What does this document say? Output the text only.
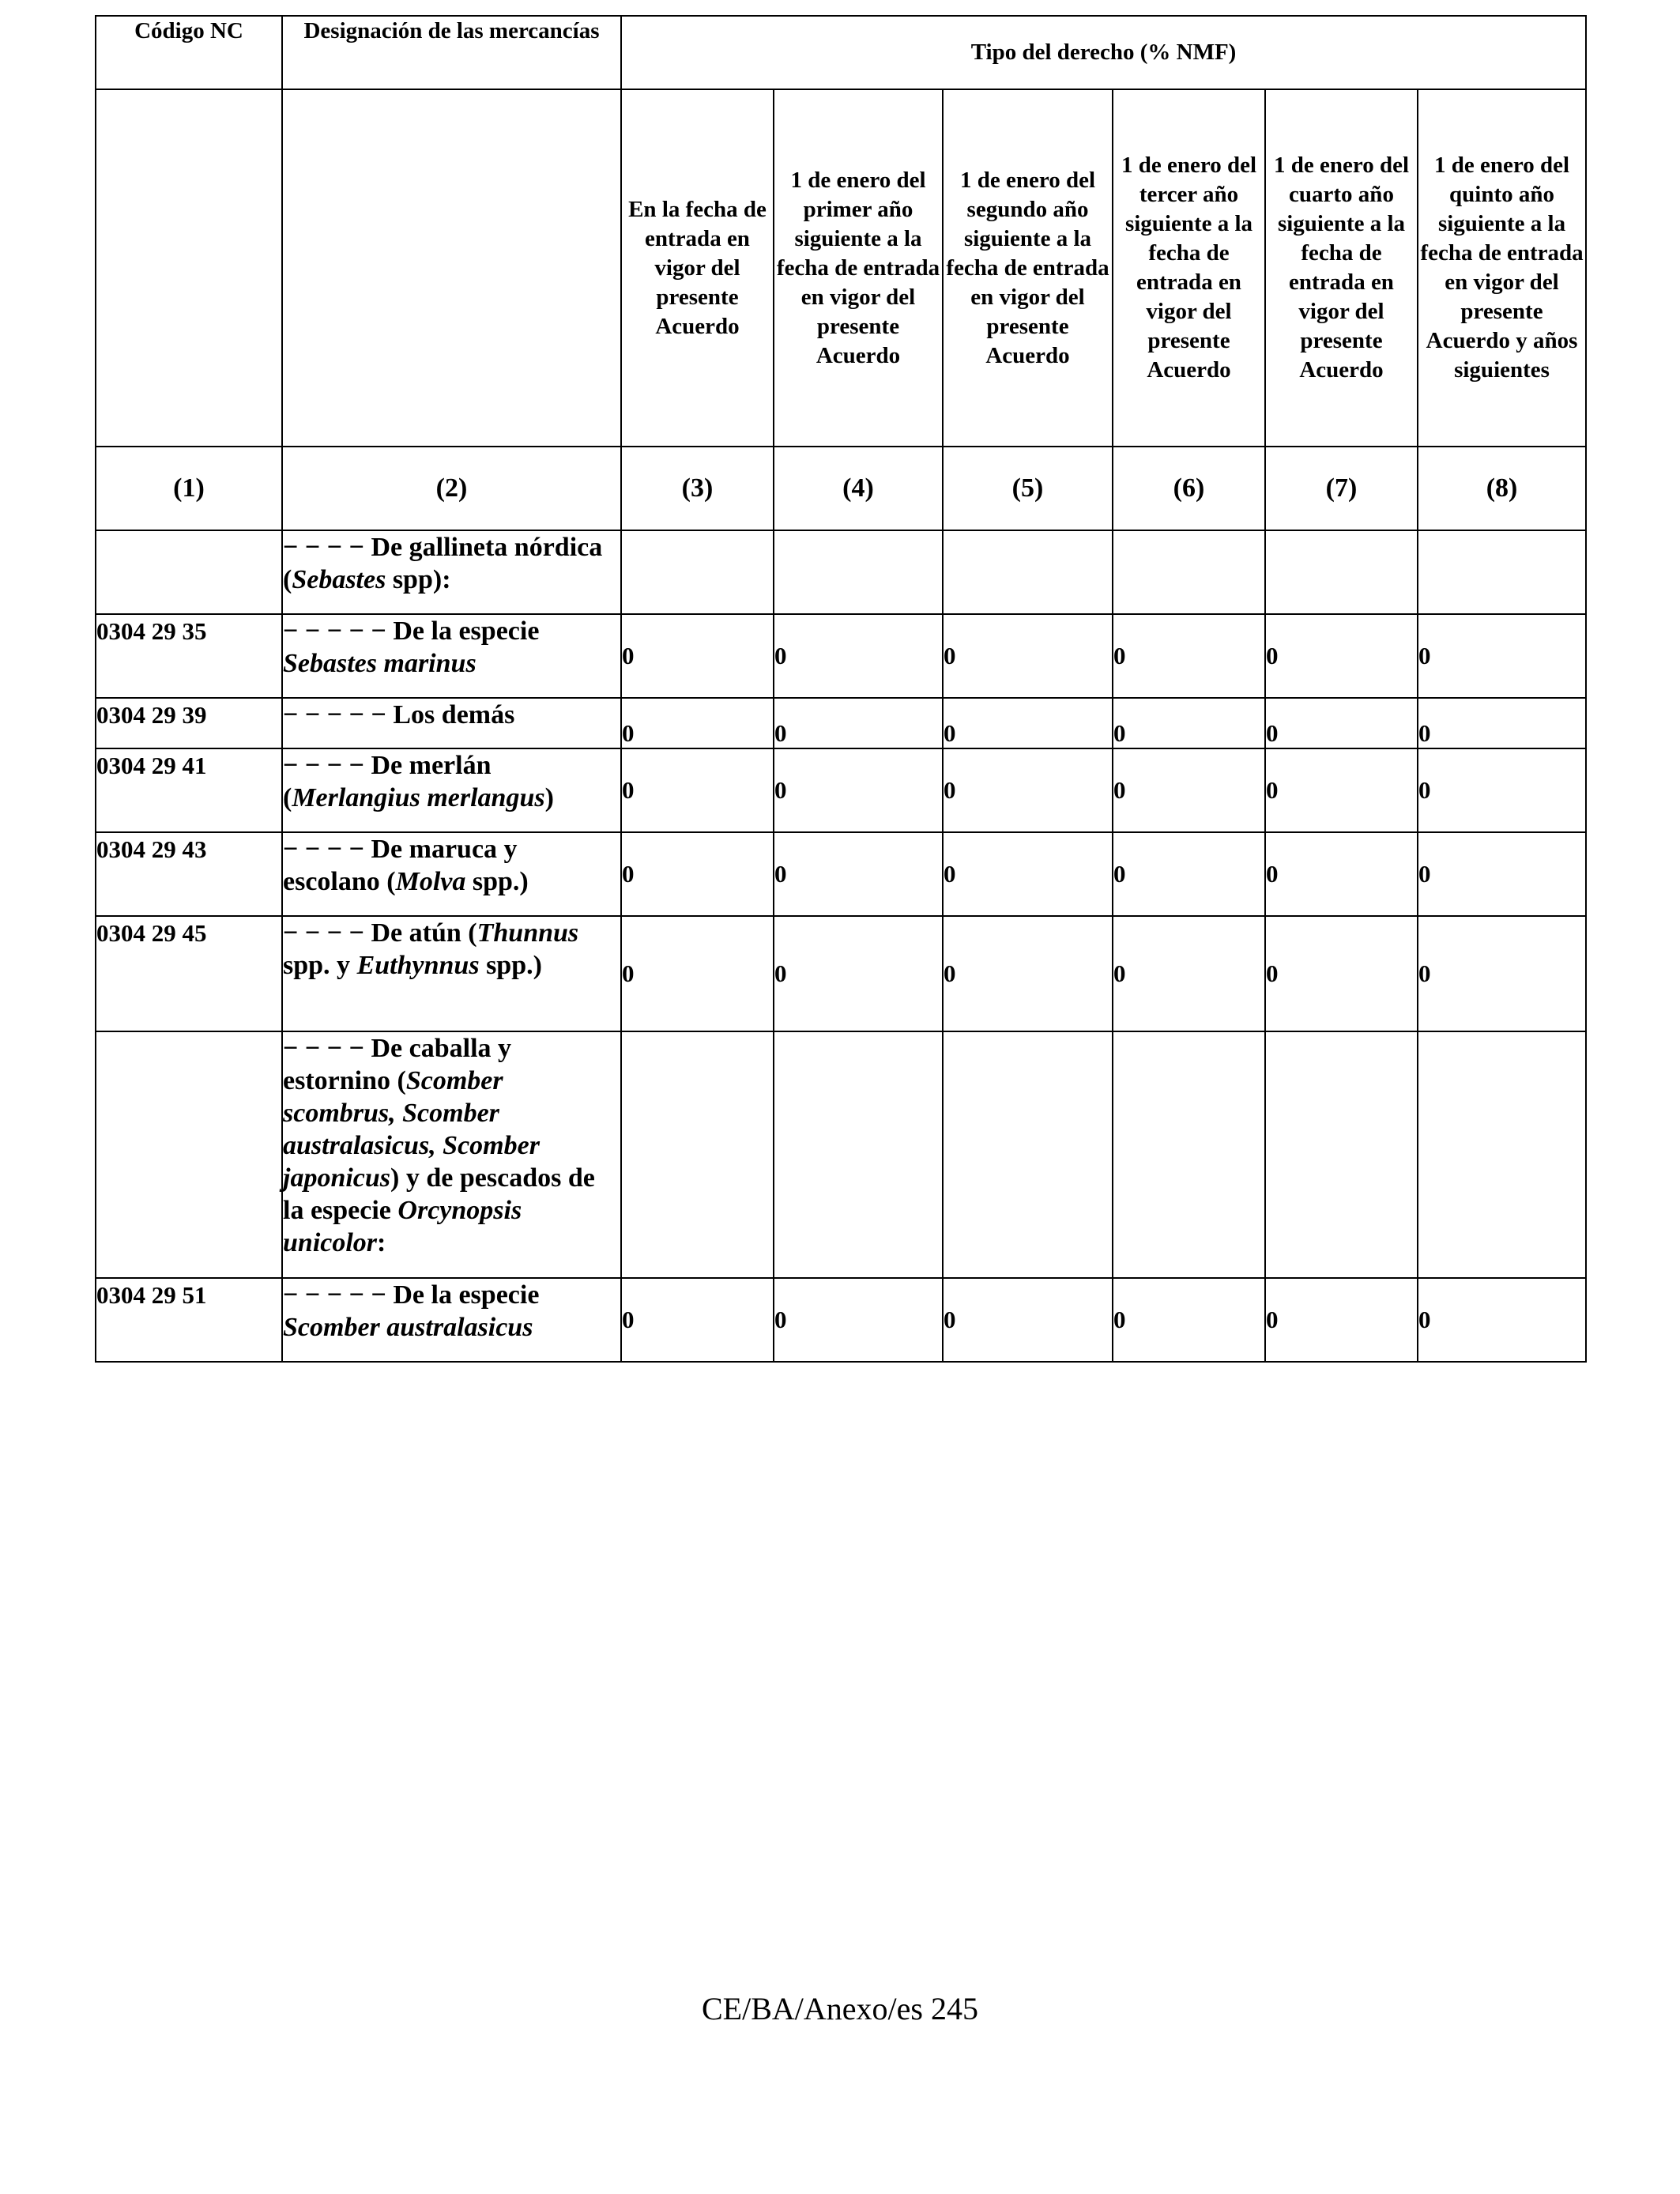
Código NC	Designación de las mercancías	Tipo del derecho (% NMF)					
		En la fecha de entrada en vigor del presente Acuerdo	1 de enero del primer año siguiente a la fecha de entrada en vigor del presente Acuerdo	1 de enero del segundo año siguiente a la fecha de entrada en vigor del presente Acuerdo	1 de enero del tercer año siguiente a la fecha de entrada en vigor del presente Acuerdo	1 de enero del cuarto año siguiente a la fecha de entrada en vigor del presente Acuerdo	1 de enero del quinto año siguiente a la fecha de entrada en vigor del presente Acuerdo y años siguientes
(1)	(2)	(3)	(4)	(5)	(6)	(7)	(8)
	− − − − De gallineta nórdica (Sebastes spp):						
0304 29 35	− − − − − De la especie Sebastes marinus	0	0	0	0	0	0
0304 29 39	− − − − − Los demás	0	0	0	0	0	0
0304 29 41	− − − − De merlán (Merlangius merlangus)	0	0	0	0	0	0
0304 29 43	− − − − De maruca y escolano (Molva spp.)	0	0	0	0	0	0
0304 29 45	− − − − De atún (Thunnus spp. y Euthynnus spp.)	0	0	0	0	0	0
	− − − − De caballa y estornino (Scomber scombrus, Scomber australasicus, Scomber japonicus) y de pescados de la especie Orcynopsis unicolor:						
0304 29 51	− − − − − De la especie Scomber australasicus	0	0	0	0	0	0
CE/BA/Anexo/es 245
